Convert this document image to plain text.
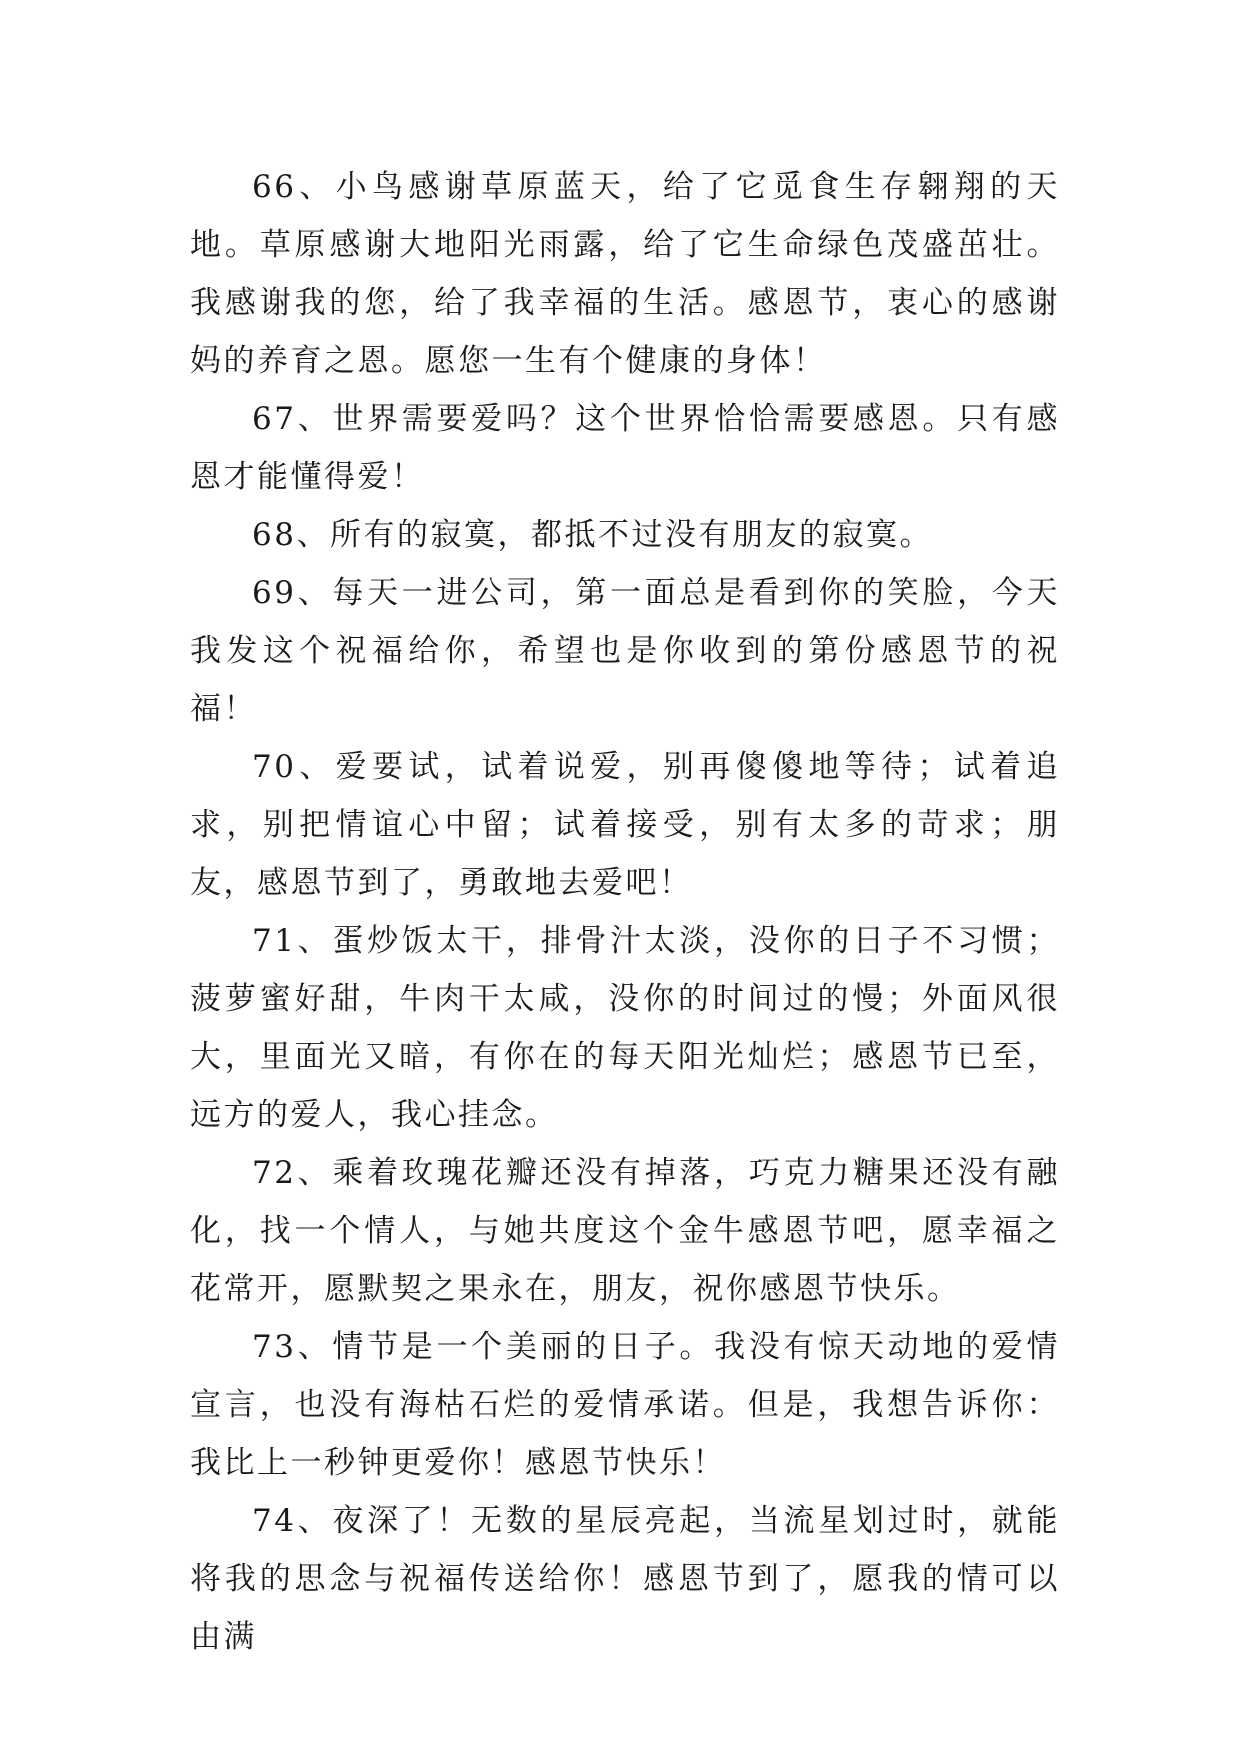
66、小鸟感谢草原蓝天，给了它觅食生存翱翔的天地。草原感谢大地阳光雨露，给了它生命绿色茂盛茁壮。我感谢我的您，给了我幸福的生活。感恩节，衷心的感谢妈的养育之恩。愿您一生有个健康的身体！

67、世界需要爱吗？这个世界恰恰需要感恩。只有感恩才能懂得爱！

68、所有的寂寞，都抵不过没有朋友的寂寞。

69、每天一进公司，第一面总是看到你的笑脸，今天我发这个祝福给你，希望也是你收到的第份感恩节的祝福！

70、爱要试，试着说爱，别再傻傻地等待；试着追求，别把情谊心中留；试着接受，别有太多的苛求；朋友，感恩节到了，勇敢地去爱吧！

71、蛋炒饭太干，排骨汁太淡，没你的日子不习惯；菠萝蜜好甜，牛肉干太咸，没你的时间过的慢；外面风很大，里面光又暗，有你在的每天阳光灿烂；感恩节已至，远方的爱人，我心挂念。

72、乘着玫瑰花瓣还没有掉落，巧克力糖果还没有融化，找一个情人，与她共度这个金牛感恩节吧，愿幸福之花常开，愿默契之果永在，朋友，祝你感恩节快乐。

73、情节是一个美丽的日子。我没有惊天动地的爱情宣言，也没有海枯石烂的爱情承诺。但是，我想告诉你：我比上一秒钟更爱你！感恩节快乐！

74、夜深了！无数的星辰亮起，当流星划过时，就能将我的思念与祝福传送给你！感恩节到了，愿我的情可以由满
